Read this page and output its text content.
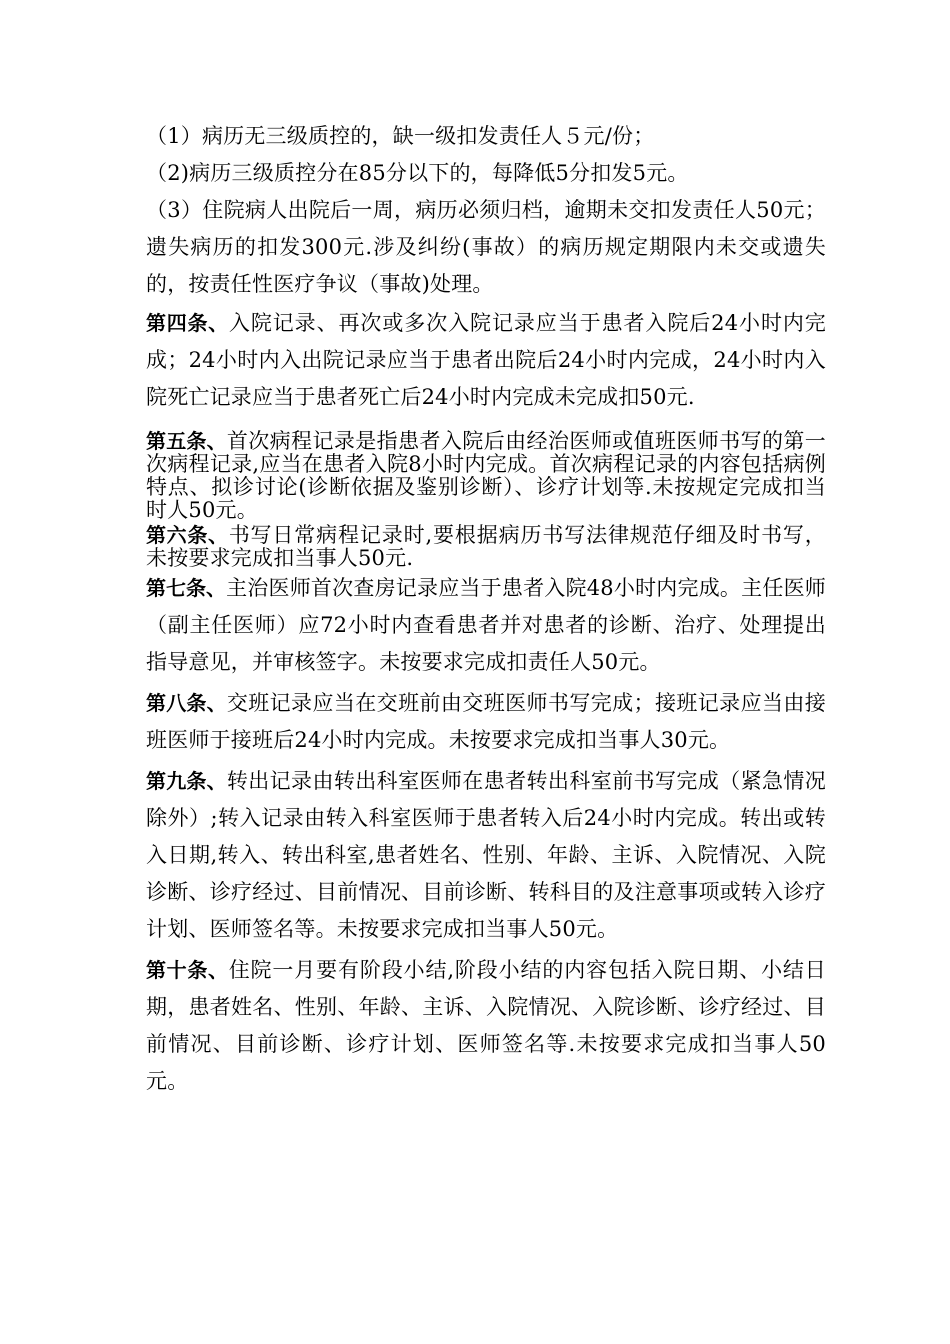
（1）病历无三级质控的，缺一级扣发责任人５元/份；

（2)病历三级质控分在85分以下的，每降低5分扣发5元。

（3）住院病人出院后一周，病历必须归档，逾期未交扣发责任人50元；遗失病历的扣发300元.涉及纠纷(事故）的病历规定期限内未交或遗失的，按责任性医疗争议（事故)处理。

第四条、入院记录、再次或多次入院记录应当于患者入院后24小时内完成；24小时内入出院记录应当于患者出院后24小时内完成，24小时内入院死亡记录应当于患者死亡后24小时内完成未完成扣50元.

第五条、首次病程记录是指患者入院后由经治医师或值班医师书写的第一次病程记录,应当在患者入院8小时内完成。首次病程记录的内容包括病例特点、拟诊讨论(诊断依据及鉴别诊断）、诊疗计划等.未按规定完成扣当时人50元。

第六条、书写日常病程记录时,要根据病历书写法律规范仔细及时书写，未按要求完成扣当事人50元.

第七条、主治医师首次查房记录应当于患者入院48小时内完成。主任医师（副主任医师）应72小时内查看患者并对患者的诊断、治疗、处理提出指导意见，并审核签字。未按要求完成扣责任人50元。

第八条、交班记录应当在交班前由交班医师书写完成；接班记录应当由接班医师于接班后24小时内完成。未按要求完成扣当事人30元。

第九条、转出记录由转出科室医师在患者转出科室前书写完成（紧急情况除外）;转入记录由转入科室医师于患者转入后24小时内完成。转出或转入日期,转入、转出科室,患者姓名、性别、年龄、主诉、入院情况、入院诊断、诊疗经过、目前情况、目前诊断、转科目的及注意事项或转入诊疗计划、医师签名等。未按要求完成扣当事人50元。

第十条、住院一月要有阶段小结,阶段小结的内容包括入院日期、小结日期，患者姓名、性别、年龄、主诉、入院情况、入院诊断、诊疗经过、目前情况、目前诊断、诊疗计划、医师签名等.未按要求完成扣当事人50元。
